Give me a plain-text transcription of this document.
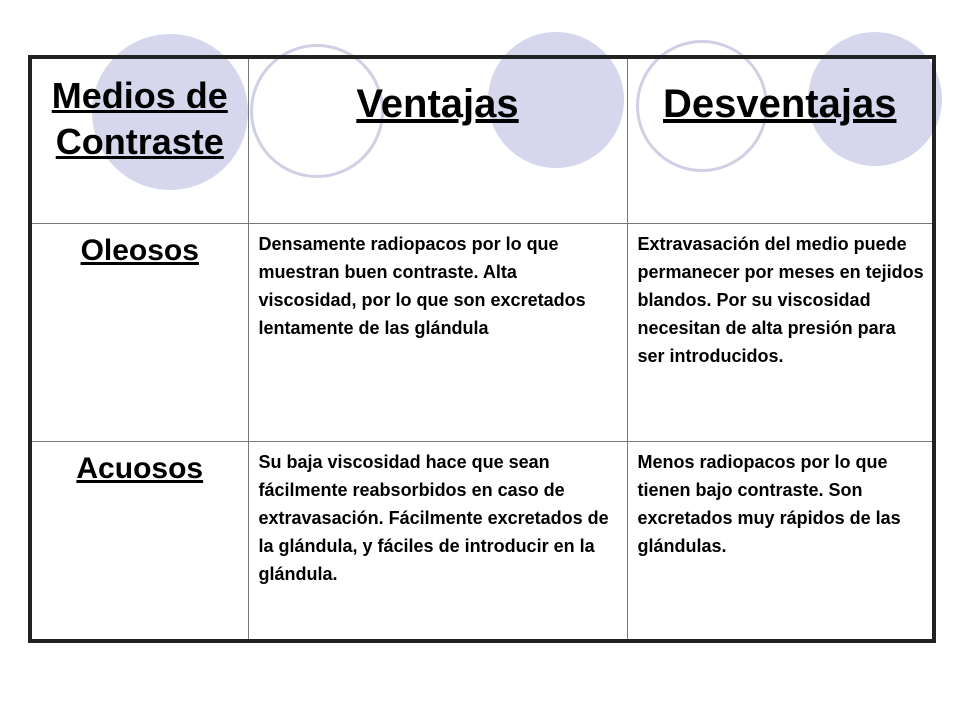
Medios de Contraste	Ventajas	Desventajas

Oleosos	Densamente radiopacos por lo que muestran buen contraste. Alta viscosidad, por lo que son excretados lentamente de las glándula	Extravasación del medio puede permanecer por meses en tejidos blandos. Por su viscosidad necesitan de alta presión para ser introducidos.

Acuosos	Su baja viscosidad hace que sean fácilmente reabsorbidos en caso de extravasación. Fácilmente excretados de la glándula, y fáciles de introducir en la glándula.	Menos radiopacos por lo que tienen bajo contraste. Son excretados muy rápidos de las glándulas.
